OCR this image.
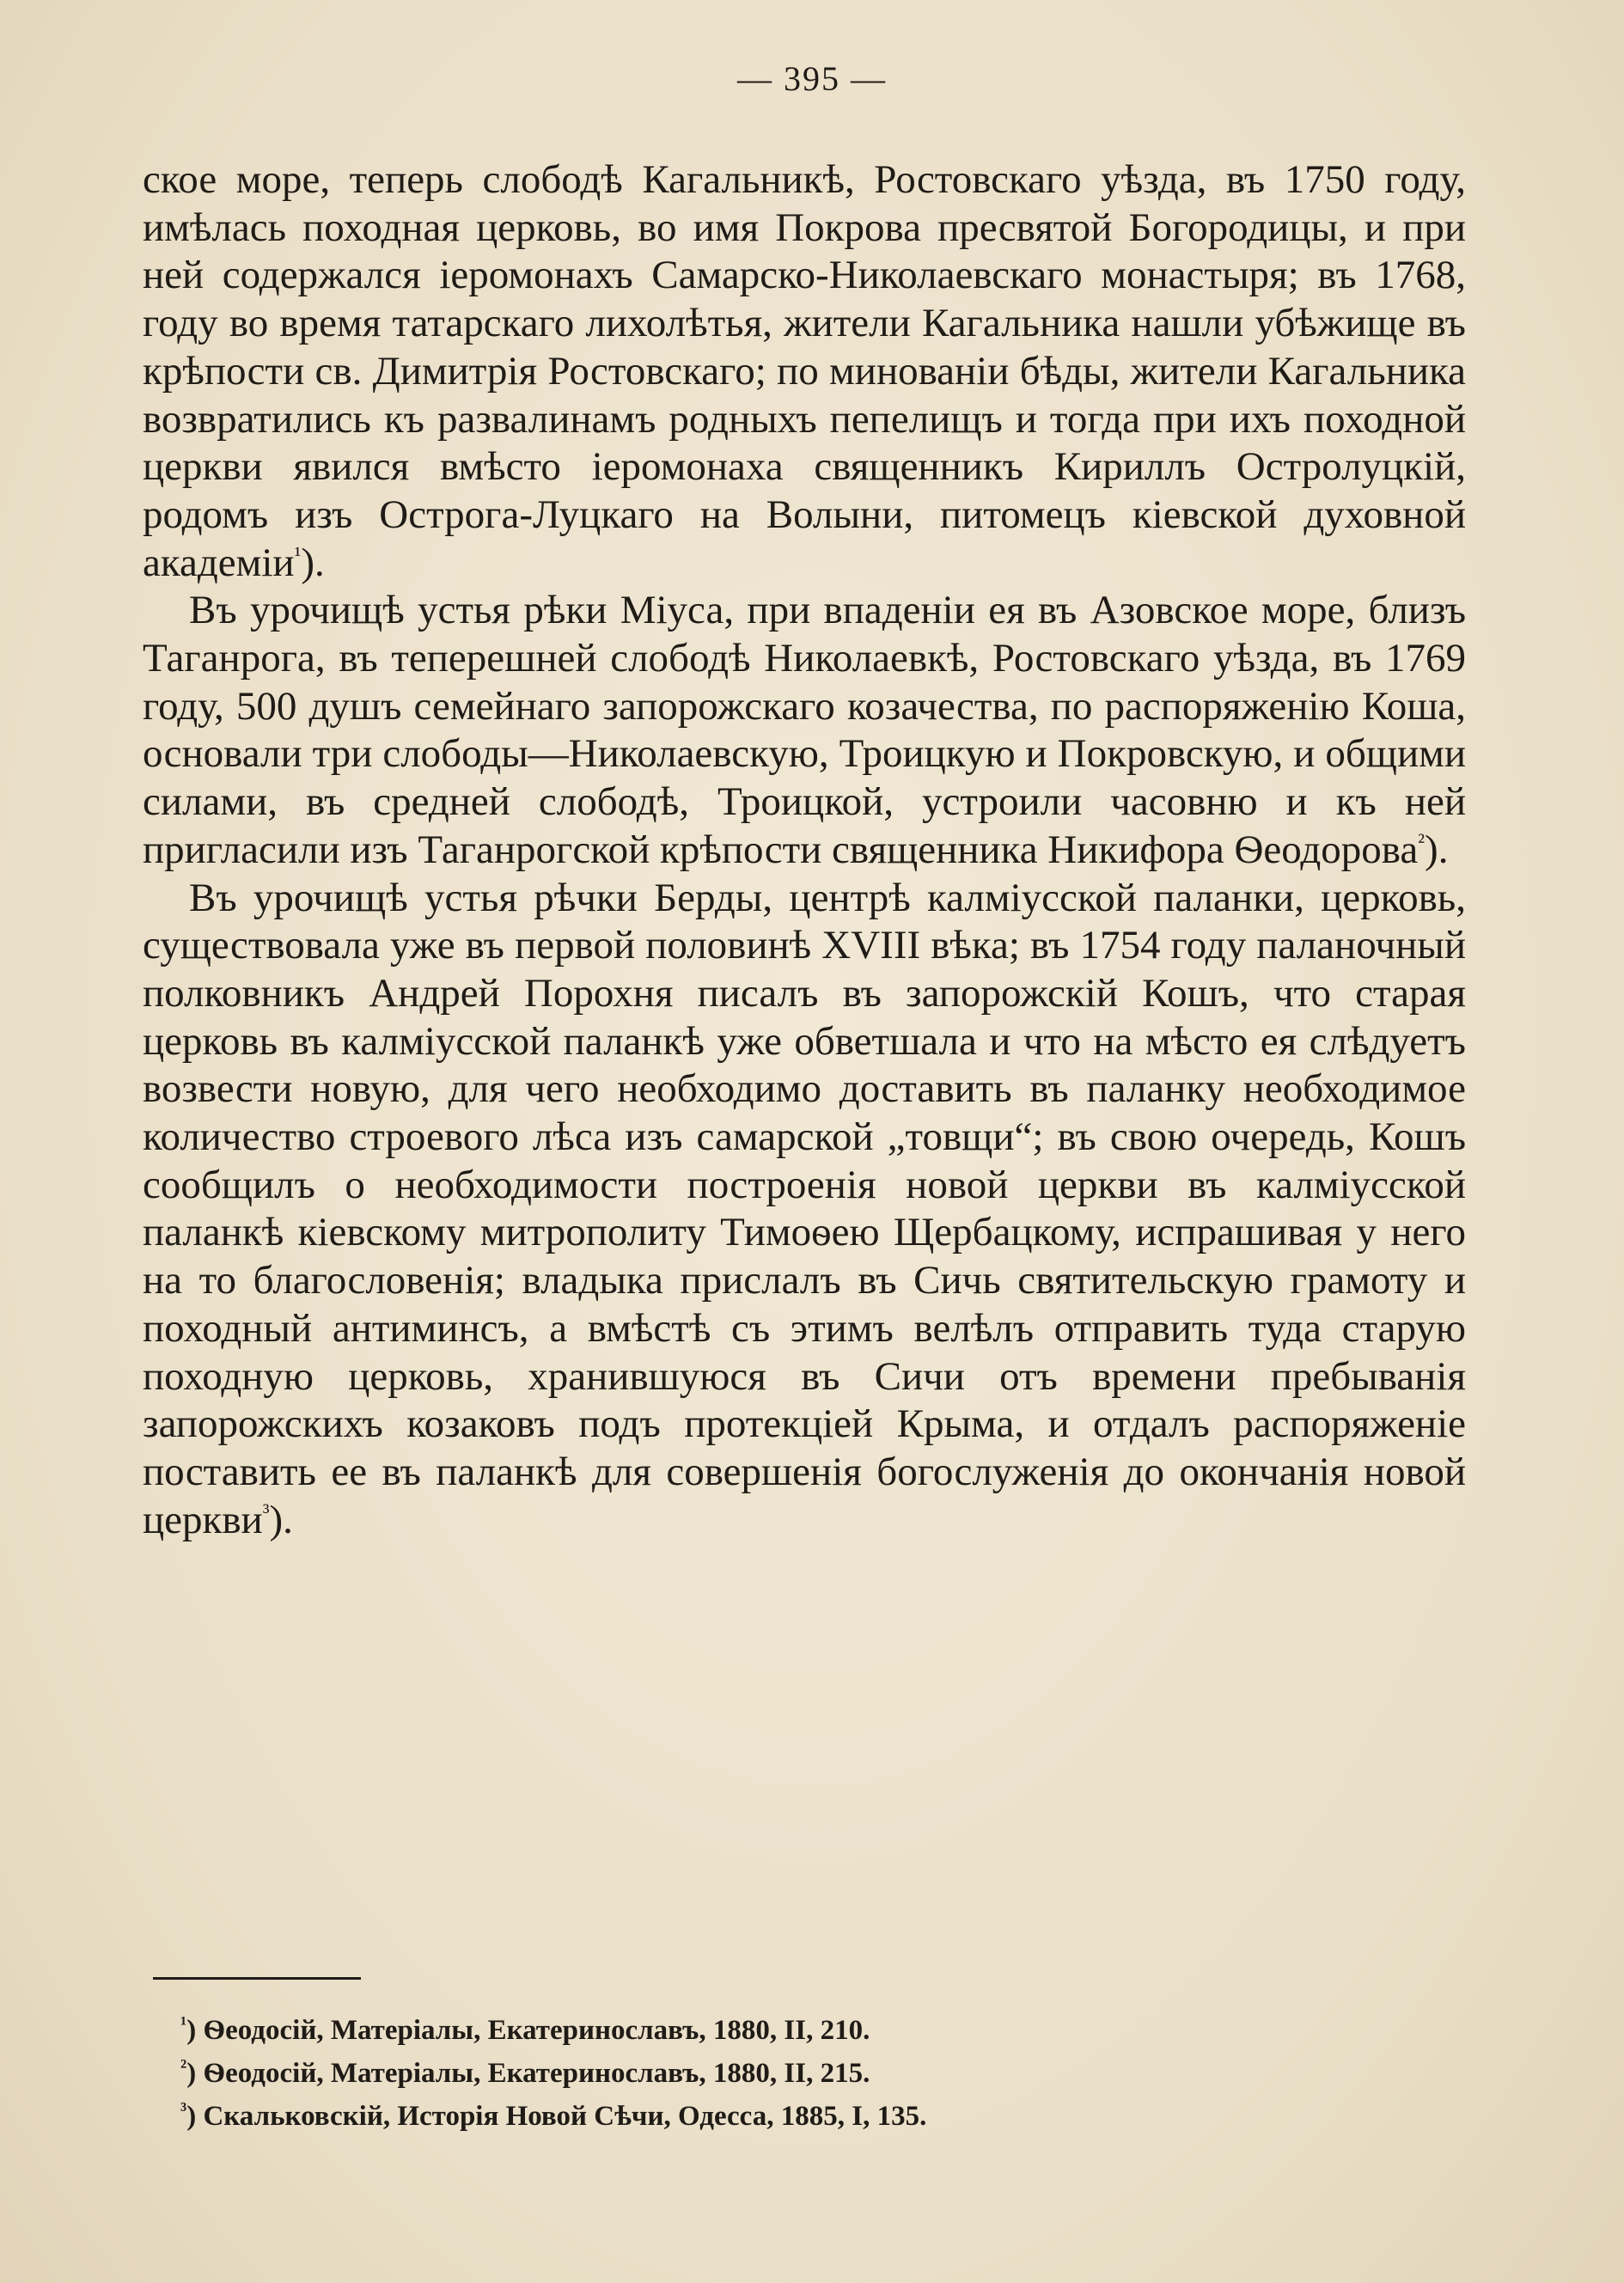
— 395 —

ское море, теперь слободѣ Кагальникѣ, Ростовскаго уѣзда, въ 1750 году, имѣлась походная церковь, во имя Покрова пресвятой Богородицы, и при ней содержался іеромонахъ Самарско-Николаевскаго монастыря; въ 1768, году во время татарскаго лихолѣтья, жители Кагальника нашли убѣжище въ крѣпости св. Димитрія Ростовскаго; по минованіи бѣды, жители Кагальника возвратились къ развалинамъ родныхъ пепелищъ и тогда при ихъ походной церкви явился вмѣсто іеромонаха священникъ Кириллъ Остролуцкій, родомъ изъ Острога-Луцкаго на Волыни, питомецъ кіевской духовной академіи$^{^1}$).

Въ урочищѣ устья рѣки Міуса, при впаденіи ея въ Азовское море, близъ Таганрога, въ теперешней слободѣ Николаевкѣ, Ростовскаго уѣзда, въ 1769 году, 500 душъ семейнаго запорожскаго козачества, по распоряженію Коша, основали три слободы—Николаевскую, Троицкую и Покровскую, и общими силами, въ средней слободѣ, Троицкой, устроили часовню и къ ней пригласили изъ Таганрогской крѣпости священника Никифора Ѳеодорова$^{^2}$).

Въ урочищѣ устья рѣчки Берды, центрѣ калміусской паланки, церковь, существовала уже въ первой половинѣ XVIII вѣка; въ 1754 году паланочный полковникъ Андрей Порохня писалъ въ запорожскій Кошъ, что старая церковь въ калміусской паланкѣ уже обветшала и что на мѣсто ея слѣдуетъ возвести новую, для чего необходимо доставить въ паланку необходимое количество строевого лѣса изъ самарской „товщи“; въ свою очередь, Кошъ сообщилъ о необходимости построенія новой церкви въ калміусской паланкѣ кіевскому митрополиту Тимоѳею Щербацкому, испрашивая у него на то благословенія; владыка прислалъ въ Сичь святительскую грамоту и походный антиминсъ, а вмѣстѣ съ этимъ велѣлъ отправить туда старую походную церковь, хранившуюся въ Сичи отъ времени пребыванія запорожскихъ козаковъ подъ протекціей Крыма, и отдалъ распоряженіе поставить ее въ паланкѣ для совершенія богослуженія до окончанія новой церкви$^{^3}$).

$^{^1}$) Ѳеодосій, Матеріалы, Екатеринославъ, 1880, II, 210.

$^{^2}$) Ѳеодосій, Матеріалы, Екатеринославъ, 1880, II, 215.

$^{^3}$) Скальковскій, Исторія Новой Сѣчи, Одесса, 1885, I, 135.
